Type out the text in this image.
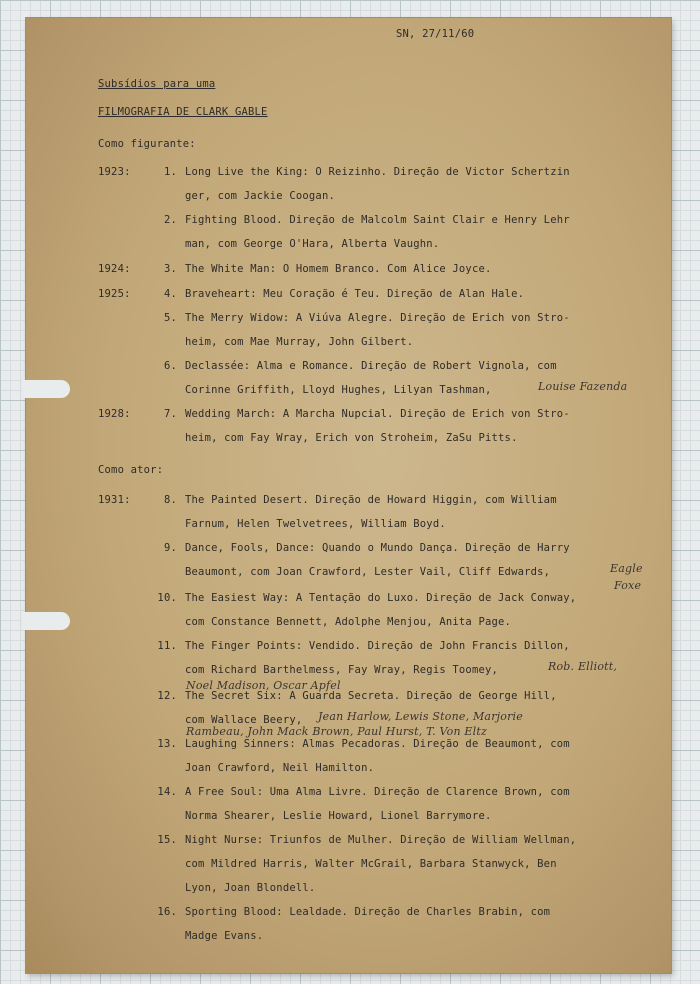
SN, 27/11/60
Subsídios para uma
FILMOGRAFIA DE CLARK GABLE
Como figurante:
1923:	1. Long Live the King: O Reizinho. Direção de Victor Schertzin
ger, com Jackie Coogan.
2. Fighting Blood. Direção de Malcolm Saint Clair e Henry Lehr
man, com George O'Hara, Alberta Vaughn.
1924:	3. The White Man: O Homem Branco. Com Alice Joyce.
1925:	4. Braveheart: Meu Coração é Teu. Direção de Alan Hale.
5. The Merry Widow: A Viúva Alegre. Direção de Erich von Stro-
heim, com Mae Murray, John Gilbert.
6. Declassée: Alma e Romance. Direção de Robert Vignola, com
Corinne Griffith, Lloyd Hughes, Lilyan Tashman,	Louise Fazenda
1928:	7. Wedding March: A Marcha Nupcial. Direção de Erich von Stro-
heim, com Fay Wray, Erich von Stroheim, ZaSu Pitts.
Como ator:
1931:	8. The Painted Desert. Direção de Howard Higgin, com William
Farnum, Helen Twelvetrees, William Boyd.
9. Dance, Fools, Dance: Quando o Mundo Dança. Direção de Harry
Beaumont, com Joan Crawford, Lester Vail, Cliff Edwards,	Eagle
Foxe
10. The Easiest Way: A Tentação do Luxo. Direção de Jack Conway,
com Constance Bennett, Adolphe Menjou, Anita Page.
11. The Finger Points: Vendido. Direção de John Francis Dillon,
com Richard Barthelmess, Fay Wray, Regis Toomey,	Rob. Elliott,
Noel Madison, Oscar Apfel
12. The Secret Six: A Guarda Secreta. Direção de George Hill,
com Wallace Beery, Jean Harlow, Lewis Stone, Marjorie
Rambeau, John Mack Brown, Paul Hurst, T. Von Eltz
13. Laughing Sinners: Almas Pecadoras. Direção de Beaumont, com
Joan Crawford, Neil Hamilton.
14. A Free Soul: Uma Alma Livre. Direção de Clarence Brown, com
Norma Shearer, Leslie Howard, Lionel Barrymore.
15. Night Nurse: Triunfos de Mulher. Direção de William Wellman,
com Mildred Harris, Walter McGrail, Barbara Stanwyck, Ben
Lyon, Joan Blondell.
16. Sporting Blood: Lealdade. Direção de Charles Brabin, com
Madge Evans.
